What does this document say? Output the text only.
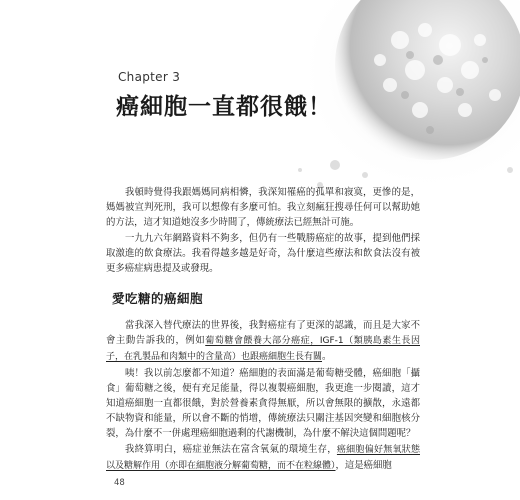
Chapter 3
癌細胞一直都很餓！

我頓時覺得我跟媽媽同病相憐，我深知罹癌的孤單和寂寞，更慘的是，媽媽被宣判死刑，我可以想像有多麼可怕。我立刻瘋狂搜尋任何可以幫助她的方法，這才知道她沒多少時間了，傳統療法已經無計可施。

一九九六年網路資料不夠多，但仍有一些戰勝癌症的故事，提到他們採取激進的飲食療法。我看得越多越是好奇，為什麼這些療法和飲食法沒有被更多癌症病患提及或發現。

愛吃糖的癌細胞

當我深入替代療法的世界後，我對癌症有了更深的認識，而且是大家不會主動告訴我的，例如葡萄糖會餵養大部分癌症，IGF-1（類胰島素生長因子，在乳製品和肉類中的含量高）也跟癌細胞生長有關。

咦！我以前怎麼都不知道？癌細胞的表面滿是葡萄糖受體，癌細胞「攝食」葡萄糖之後，便有充足能量，得以複製癌細胞，我更進一步閱讀，這才知道癌細胞一直都很餓，對於營養素貪得無厭，所以會無限的擴散，永遠都不缺物資和能量，所以會不斷的悄增，傳統療法只關注基因突變和細胞核分裂，為什麼不一併處理癌細胞過剩的代謝機制，為什麼不解決這個問題呢？

我終算明白，癌症並無法在富含氧氣的環境生存，癌細胞偏好無氧狀態以及糖解作用（亦即在細胞液分解葡萄糖，而不在粒線體），這是癌細胞

48
